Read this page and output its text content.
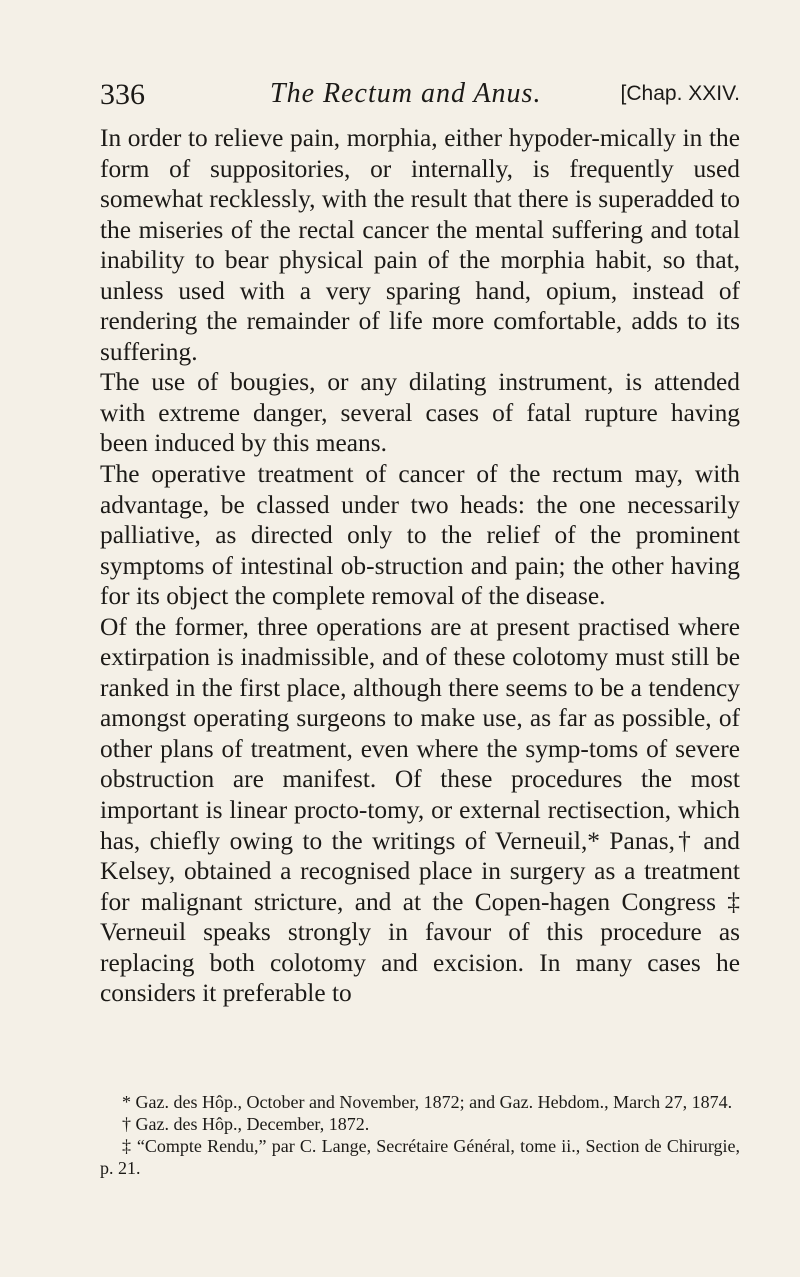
336	The Rectum and Anus.	[Chap. XXIV.

In order to relieve pain, morphia, either hypoder-mically in the form of suppositories, or internally, is frequently used somewhat recklessly, with the result that there is superadded to the miseries of the rectal cancer the mental suffering and total inability to bear physical pain of the morphia habit, so that, unless used with a very sparing hand, opium, instead of rendering the remainder of life more comfortable, adds to its suffering.

The use of bougies, or any dilating instrument, is attended with extreme danger, several cases of fatal rupture having been induced by this means.

The operative treatment of cancer of the rectum may, with advantage, be classed under two heads: the one necessarily palliative, as directed only to the relief of the prominent symptoms of intestinal ob-struction and pain; the other having for its object the complete removal of the disease.

Of the former, three operations are at present practised where extirpation is inadmissible, and of these colotomy must still be ranked in the first place, although there seems to be a tendency amongst operating surgeons to make use, as far as possible, of other plans of treatment, even where the symp-toms of severe obstruction are manifest. Of these procedures the most important is linear procto-tomy, or external rectisection, which has, chiefly owing to the writings of Verneuil,* Panas,† and Kelsey, obtained a recognised place in surgery as a treatment for malignant stricture, and at the Copen-hagen Congress ‡ Verneuil speaks strongly in favour of this procedure as replacing both colotomy and excision. In many cases he considers it preferable to

* Gaz. des Hôp., October and November, 1872; and Gaz. Hebdom., March 27, 1874.

† Gaz. des Hôp., December, 1872.

‡ “Compte Rendu,” par C. Lange, Secrétaire Général, tome ii., Section de Chirurgie, p. 21.
